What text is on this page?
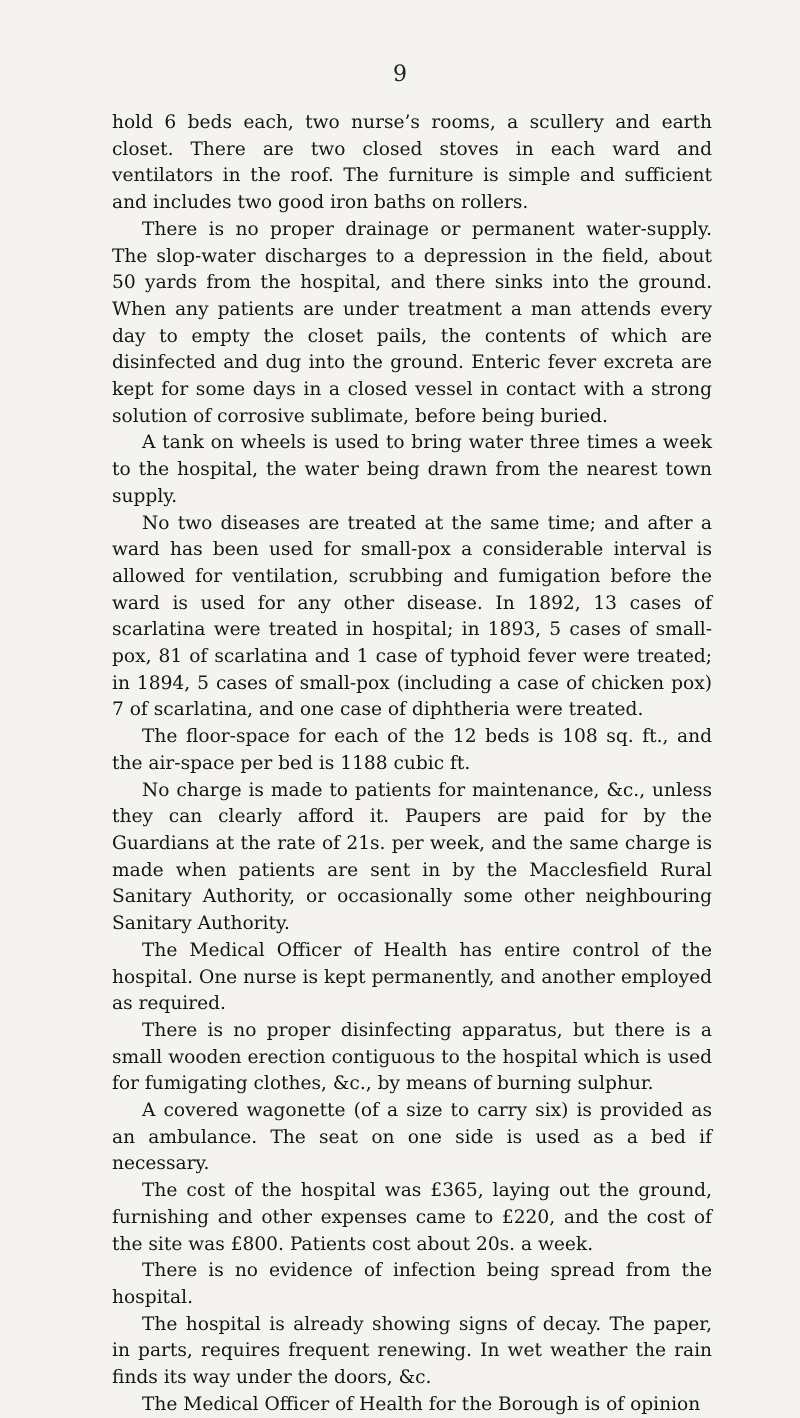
9

hold 6 beds each, two nurse’s rooms, a scullery and earth closet. There are two closed stoves in each ward and ventilators in the roof. The furniture is simple and sufficient and includes two good iron baths on rollers.

There is no proper drainage or permanent water-supply. The slop-water discharges to a depression in the field, about 50 yards from the hospital, and there sinks into the ground. When any patients are under treatment a man attends every day to empty the closet pails, the contents of which are disinfected and dug into the ground. Enteric fever excreta are kept for some days in a closed vessel in contact with a strong solution of corrosive sublimate, before being buried.

A tank on wheels is used to bring water three times a week to the hospital, the water being drawn from the nearest town supply.

No two diseases are treated at the same time; and after a ward has been used for small-pox a considerable interval is allowed for ventilation, scrubbing and fumigation before the ward is used for any other disease. In 1892, 13 cases of scarlatina were treated in hospital; in 1893, 5 cases of small-pox, 81 of scarlatina and 1 case of typhoid fever were treated; in 1894, 5 cases of small-pox (including a case of chicken pox) 7 of scarlatina, and one case of diphtheria were treated.

The floor-space for each of the 12 beds is 108 sq. ft., and the air-space per bed is 1188 cubic ft.

No charge is made to patients for maintenance, &c., unless they can clearly afford it. Paupers are paid for by the Guardians at the rate of 21s. per week, and the same charge is made when patients are sent in by the Macclesfield Rural Sanitary Authority, or occasionally some other neighbouring Sanitary Authority.

The Medical Officer of Health has entire control of the hospital. One nurse is kept permanently, and another employed as required.

There is no proper disinfecting apparatus, but there is a small wooden erection contiguous to the hospital which is used for fumigating clothes, &c., by means of burning sulphur.

A covered wagonette (of a size to carry six) is provided as an ambulance. The seat on one side is used as a bed if necessary.

The cost of the hospital was £365, laying out the ground, furnishing and other expenses came to £220, and the cost of the site was £800. Patients cost about 20s. a week.

There is no evidence of infection being spread from the hospital.

The hospital is already showing signs of decay. The paper, in parts, requires frequent renewing. In wet weather the rain finds its way under the doors, &c.

The Medical Officer of Health for the Borough is of opinion
